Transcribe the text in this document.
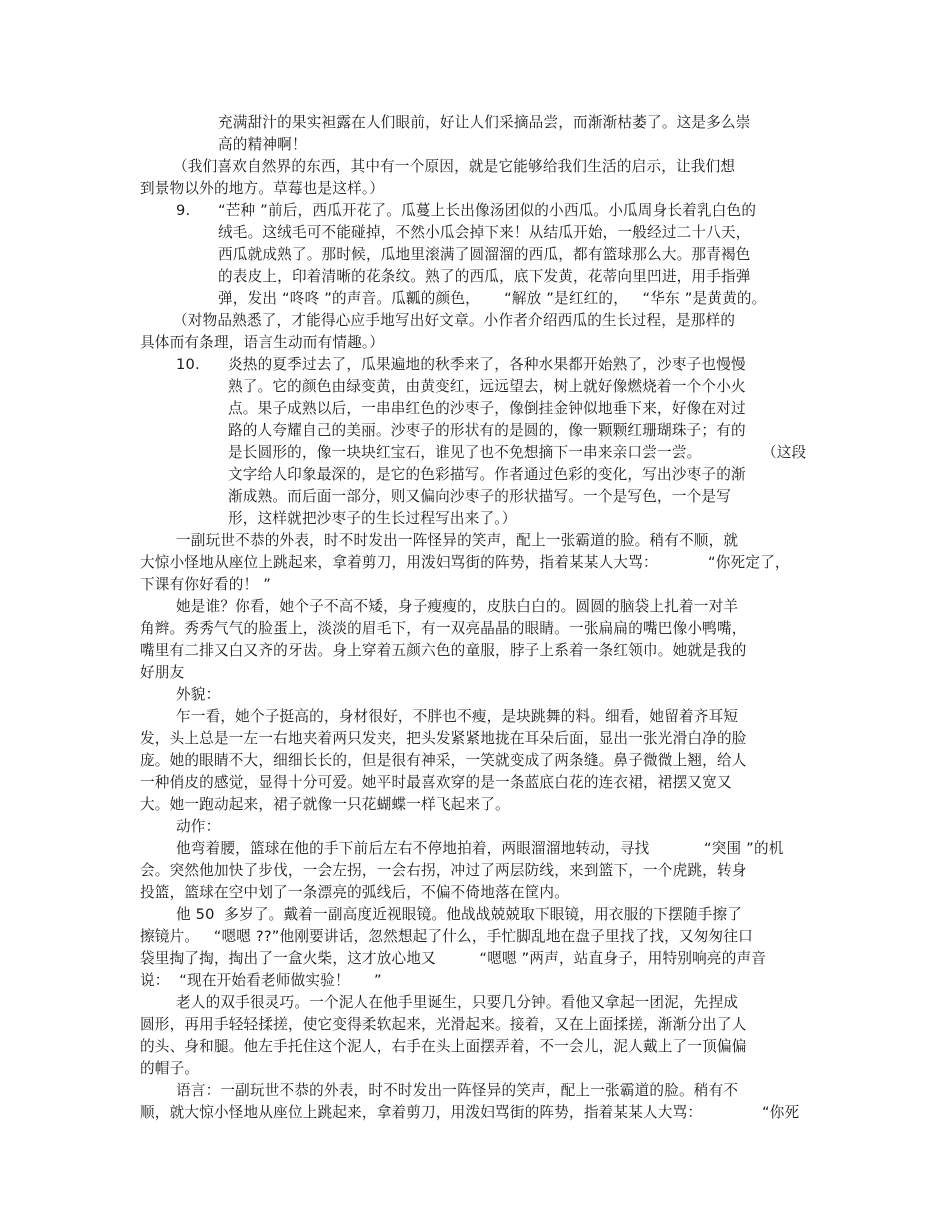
充满甜汁的果实袒露在人们眼前，好让人们采摘品尝，而渐渐枯萎了。这是多么崇
高的精神啊！
（我们喜欢自然界的东西，其中有一个原因，就是它能够给我们生活的启示，让我们想
到景物以外的地方。草莓也是这样。）
9. “芒种 ”前后，西瓜开花了。瓜蔓上长出像汤团似的小西瓜。小瓜周身长着乳白色的
绒毛。这绒毛可不能碰掉，不然小瓜会掉下来！从结瓜开始，一般经过二十八天，
西瓜就成熟了。那时候，瓜地里滚满了圆溜溜的西瓜，都有篮球那么大。那青褐色
的表皮上，印着清晰的花条纹。熟了的西瓜，底下发黄，花蒂向里凹进，用手指弹
弹，发出 “咚咚 ”的声音。瓜瓤的颜色，     “解放 ”是红红的，   “华东 ”是黄黄的。
（对物品熟悉了，才能得心应手地写出好文章。小作者介绍西瓜的生长过程，是那样的
具体而有条理，语言生动而有情趣。）
10. 炎热的夏季过去了，瓜果遍地的秋季来了，各种水果都开始熟了，沙枣子也慢慢
熟了。它的颜色由绿变黄，由黄变红，远远望去，树上就好像燃烧着一个个小火
点。果子成熟以后，一串串红色的沙枣子，像倒挂金钟似地垂下来，好像在对过
路的人夸耀自己的美丽。沙枣子的形状有的是圆的，像一颗颗红珊瑚珠子；有的
是长圆形的，像一块块红宝石，谁见了也不免想摘下一串来亲口尝一尝。	（这段
文字给人印象最深的，是它的色彩描写。作者通过色彩的变化，写出沙枣子的渐
渐成熟。而后面一部分，则又偏向沙枣子的形状描写。一个是写色，一个是写
形，这样就把沙枣子的生长过程写出来了。）
一副玩世不恭的外表，时不时发出一阵怪异的笑声，配上一张霸道的脸。稍有不顺，就
大惊小怪地从座位上跳起来，拿着剪刀，用泼妇骂街的阵势，指着某某人大骂：	“你死定了，
下课有你好看的！ ”
她是谁？你看，她个子不高不矮，身子瘦瘦的，皮肤白白的。圆圆的脑袋上扎着一对羊
角辫。秀秀气气的脸蛋上，淡淡的眉毛下，有一双亮晶晶的眼睛。一张扁扁的嘴巴像小鸭嘴，
嘴里有二排又白又齐的牙齿。身上穿着五颜六色的童服，脖子上系着一条红领巾。她就是我的
好朋友
外貌：
乍一看，她个子挺高的，身材很好，不胖也不瘦，是块跳舞的料。细看，她留着齐耳短
发，头上总是一左一右地夹着两只发夹，把头发紧紧地拢在耳朵后面，显出一张光滑白净的脸
庞。她的眼睛不大，细细长长的，但是很有神采，一笑就变成了两条缝。鼻子微微上翘，给人
一种俏皮的感觉，显得十分可爱。她平时最喜欢穿的是一条蓝底白花的连衣裙，裙摆又宽又
大。她一跑动起来，裙子就像一只花蝴蝶一样飞起来了。
动作：
他弯着腰，篮球在他的手下前后左右不停地拍着，两眼溜溜地转动，寻找	“突围 ”的机
会。突然他加快了步伐，一会左拐，一会右拐，冲过了两层防线，来到篮下，一个虎跳，转身
投篮，篮球在空中划了一条漂亮的弧线后，不偏不倚地落在筐内。
他 50  多岁了。戴着一副高度近视眼镜。他战战兢兢取下眼镜，用衣服的下摆随手擦了
擦镜片。   “嗯嗯 ??”他刚要讲话，忽然想起了什么，手忙脚乱地在盘子里找了找，又匆匆往口
袋里掏了掏，掏出了一盒火柴，这才放心地又         “嗯嗯 ”两声，站直身子，用特别响亮的声音
说：  “现在开始看老师做实验！     ”
老人的双手很灵巧。一个泥人在他手里诞生，只要几分钟。看他又拿起一团泥，先捏成
圆形，再用手轻轻揉搓，使它变得柔软起来，光滑起来。接着，又在上面揉搓，渐渐分出了人
的头、身和腿。他左手托住这个泥人，右手在头上面摆弄着，不一会儿，泥人戴上了一顶偏偏
的帽子。
语言：一副玩世不恭的外表，时不时发出一阵怪异的笑声，配上一张霸道的脸。稍有不
顺，就大惊小怪地从座位上跳起来，拿着剪刀，用泼妇骂街的阵势，指着某某人大骂：	“你死
